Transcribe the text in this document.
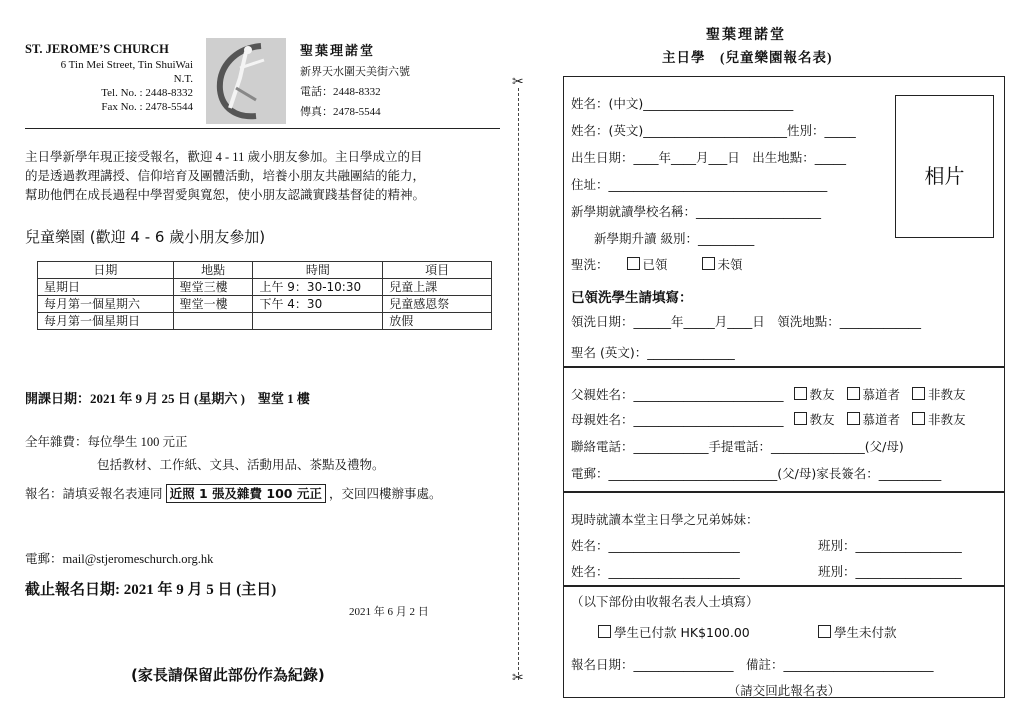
ST. JEROME’S CHURCH
6 Tin Mei Street, Tin ShuiWai
N.T.
Tel. No. : 2448-8332
Fax No. : 2478-5544
聖葉理諾堂
新界天水圍天美街六號
電話：2448-8332
傳真：2478-5544
主日學新學年現正接受報名，歡迎 4 - 11 歲小朋友參加。主日學成立的目
的是透過教理講授、信仰培育及團體活動，培養小朋友共融團結的能力，
幫助他們在成長過程中學習愛與寬恕，使小朋友認識實踐基督徒的精神。
兒童樂園 (歡迎 4 - 6 歲小朋友參加)
日期	地點	時間	項目
星期日	聖堂三樓	上午 9：30-10:30	兒童上課
每月第一個星期六	聖堂一樓	下午 4：30	兒童感恩祭
每月第一個星期日			放假
開課日期：2021 年 9 月 25 日 (星期六 )　聖堂 1 樓
全年雜費：每位學生 100 元正
包括教材、工作紙、文具、活動用品、茶點及禮物。
報名：請填妥報名表連同 近照 1 張及雜費 100 元正 ，交回四樓辦事處。
電郵：mail@stjeromeschurch.org.hk
截止報名日期: 2021 年 9 月 5 日 (主日)
2021 年 6 月 2 日
(家長請保留此部份作為紀錄)
✂
✂
聖葉理諾堂
主日學　(兒童樂園報名表)
相片
姓名：(中文)________________________
姓名：(英文)_______________________性別：_____
出生日期：____年____月___日　出生地點：_____
住址：___________________________________
新學期就讀學校名稱：____________________
新學期升讀 級別：_________
聖洗：	已領	未領
已領洗學生請填寫：
領洗日期：______年_____月____日　領洗地點：_____________
聖名 (英文)：______________
父親姓名：________________________ 教友 慕道者 非教友
母親姓名：________________________ 教友 慕道者 非教友
聯絡電話：____________手提電話：_______________(父/母)
電郵：___________________________(父/母)家長簽名：__________
現時就讀本堂主日學之兄弟姊妹：
姓名：_____________________	班別：_________________
姓名：_____________________	班別：_________________
（以下部份由收報名表人士填寫）
學生已付款 HK$100.00	學生未付款
報名日期：________________　備註：________________________
（請交回此報名表）
